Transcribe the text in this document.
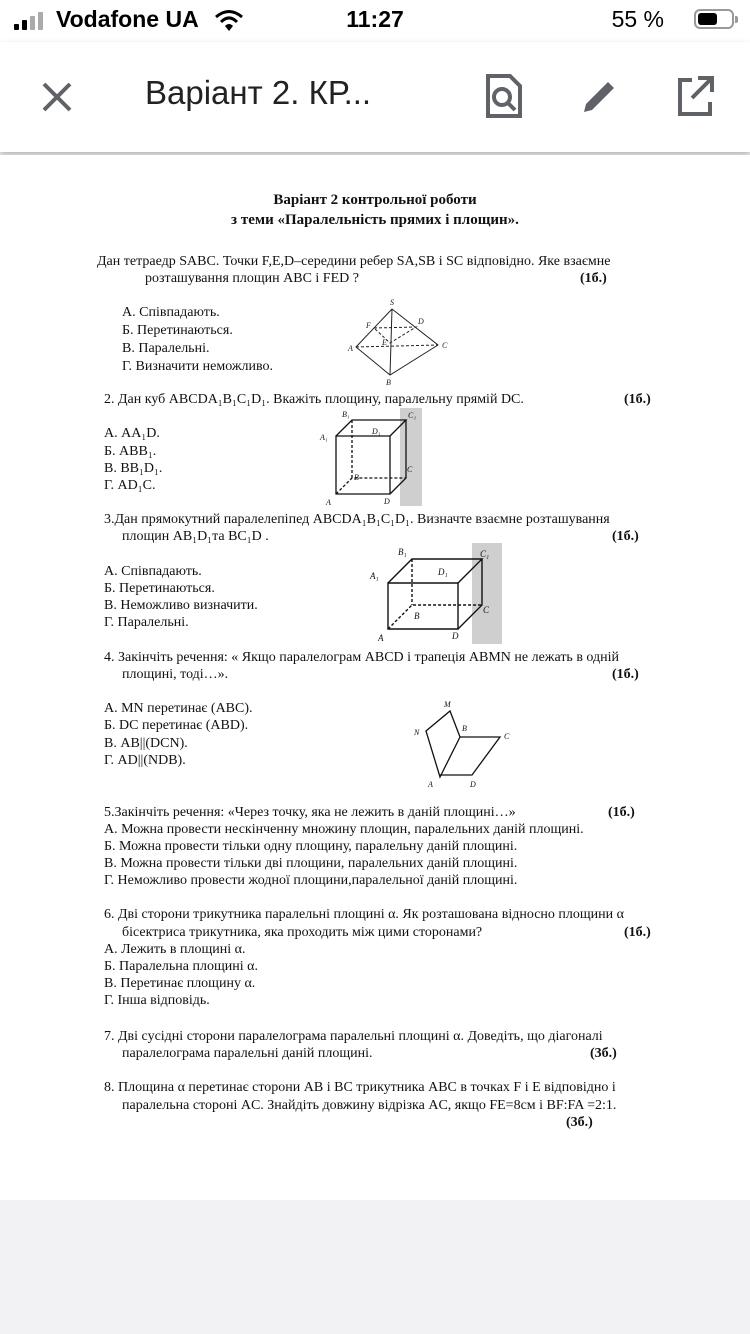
Vodafone UA	11:27	55 %
Варіант 2. КР...
Варіант 2 контрольної роботи
з теми «Паралельність прямих і площин».
Дан тетраедр SABC. Точки F,E,D–середини ребер SA,SB і SC відповідно. Яке взаємне
розташування площин ABC і FED ?	(1б.)
А. Співпадають.
Б. Перетинаються.
В. Паралельні.
Г. Визначити неможливо.
S
F	D
A
E	C
B
2. Дан куб ABCDA₁B₁C₁D₁. Вкажіть площину, паралельну прямій DC.	(1б.)
А. AA₁D.
Б. ABB₁.
В. BB₁D₁.
Г. AD₁C.
B₁
A₁
D₁
C₁
B
C
A	D
3.Дан прямокутний паралелепіпед ABCDA₁B₁C₁D₁. Визначте взаємне розташування
площин AB₁D₁та BC₁D .	(1б.)
А. Співпадають.
Б. Перетинаються.
В. Неможливо визначити.
Г. Паралельні.
B₁
A₁	D₁
C₁
B
C
A	D
4. Закінчіть речення: « Якщо паралелограм ABCD і трапеція ABMN не лежать в одній
площині, тоді…».	(1б.)
А. MN перетинає (ABC).
Б. DC перетинає (ABD).
В. AB||(DCN).
Г. AD||(NDB).
M
N	B
C
A	D
5.Закінчіть речення: «Через точку, яка не лежить в даній площині…»	(1б.)
А. Можна провести нескінченну множину площин, паралельних даній площині.
Б. Можна провести тільки одну площину, паралельну даній площині.
В. Можна провести тільки дві площини, паралельних даній площині.
Г. Неможливо провести жодної площини,паралельної даній площині.
6. Дві сторони трикутника паралельні площині α. Як розташована відносно площини α
бісектриса трикутника, яка проходить між цими сторонами?	(1б.)
А. Лежить в площині α.
Б. Паралельна площині α.
В. Перетинає площину α.
Г. Інша відповідь.
7. Дві сусідні сторони паралелограма паралельні площині α. Доведіть, що діагоналі
паралелограма паралельні даній площині.	(3б.)
8. Площина α перетинає сторони AB і BC трикутника ABC в точках F і E відповідно і
паралельна стороні AC. Знайдіть довжину відрізка AC, якщо FE=8см і BF:FA =2:1.
(3б.)
